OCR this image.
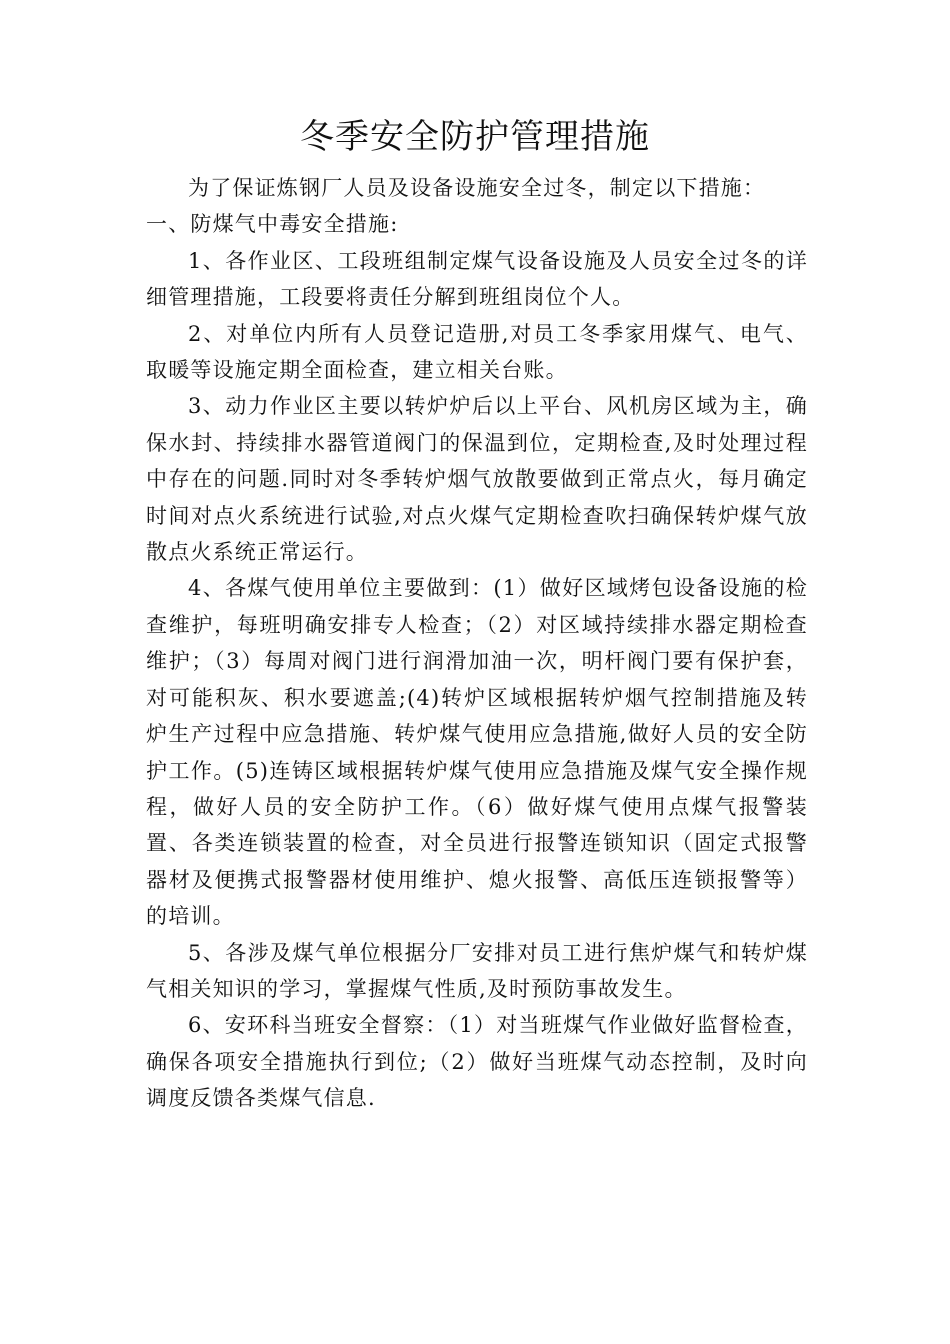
冬季安全防护管理措施

为了保证炼钢厂人员及设备设施安全过冬，制定以下措施：

一、防煤气中毒安全措施:

1、各作业区、工段班组制定煤气设备设施及人员安全过冬的详细管理措施，工段要将责任分解到班组岗位个人。

2、对单位内所有人员登记造册,对员工冬季家用煤气、电气、取暖等设施定期全面检查，建立相关台账。

3、动力作业区主要以转炉炉后以上平台、风机房区域为主，确保水封、持续排水器管道阀门的保温到位，定期检查,及时处理过程中存在的问题.同时对冬季转炉烟气放散要做到正常点火，每月确定时间对点火系统进行试验,对点火煤气定期检查吹扫确保转炉煤气放散点火系统正常运行。

4、各煤气使用单位主要做到：(1）做好区域烤包设备设施的检查维护，每班明确安排专人检查；（2）对区域持续排水器定期检查维护；（3）每周对阀门进行润滑加油一次，明杆阀门要有保护套，对可能积灰、积水要遮盖;(4)转炉区域根据转炉烟气控制措施及转炉生产过程中应急措施、转炉煤气使用应急措施,做好人员的安全防护工作。(5)连铸区域根据转炉煤气使用应急措施及煤气安全操作规程，做好人员的安全防护工作。（6）做好煤气使用点煤气报警装置、各类连锁装置的检查，对全员进行报警连锁知识（固定式报警器材及便携式报警器材使用维护、熄火报警、高低压连锁报警等）的培训。

5、各涉及煤气单位根据分厂安排对员工进行焦炉煤气和转炉煤气相关知识的学习，掌握煤气性质,及时预防事故发生。

6、安环科当班安全督察：（1）对当班煤气作业做好监督检查，确保各项安全措施执行到位;（2）做好当班煤气动态控制，及时向调度反馈各类煤气信息.
